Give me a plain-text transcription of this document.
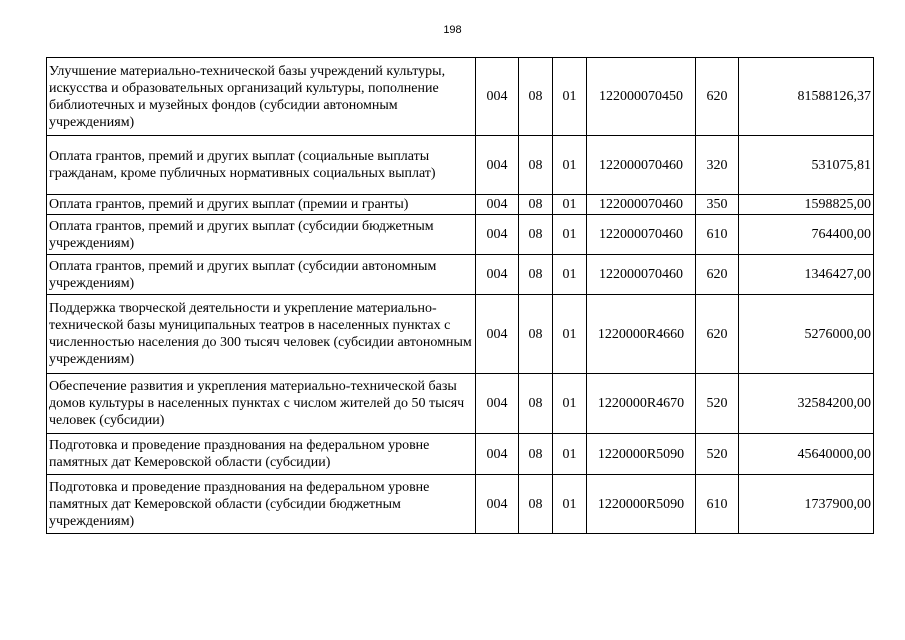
198
Улучшение материально-технической базы учреждений культуры, искусства и образовательных организаций культуры, пополнение библиотечных и музейных фондов (субсидии автономным учреждениям)	004	08	01	122000070450	620	81588126,37
Оплата грантов, премий и других выплат (социальные выплаты гражданам, кроме публичных нормативных социальных выплат)	004	08	01	122000070460	320	531075,81
Оплата грантов, премий и других выплат (премии и гранты)	004	08	01	122000070460	350	1598825,00
Оплата грантов, премий и других выплат (субсидии бюджетным учреждениям)	004	08	01	122000070460	610	764400,00
Оплата грантов, премий и других выплат (субсидии автономным учреждениям)	004	08	01	122000070460	620	1346427,00
Поддержка творческой деятельности и укрепление материально-технической базы муниципальных театров в населенных пунктах с численностью населения до 300 тысяч человек (субсидии автономным учреждениям)	004	08	01	1220000R4660	620	5276000,00
Обеспечение развития и укрепления материально-технической базы домов культуры в населенных пунктах с числом жителей до 50 тысяч человек (субсидии)	004	08	01	1220000R4670	520	32584200,00
Подготовка и проведение празднования на федеральном уровне памятных дат Кемеровской области (субсидии)	004	08	01	1220000R5090	520	45640000,00
Подготовка и проведение празднования на федеральном уровне памятных дат Кемеровской области (субсидии бюджетным учреждениям)	004	08	01	1220000R5090	610	1737900,00
